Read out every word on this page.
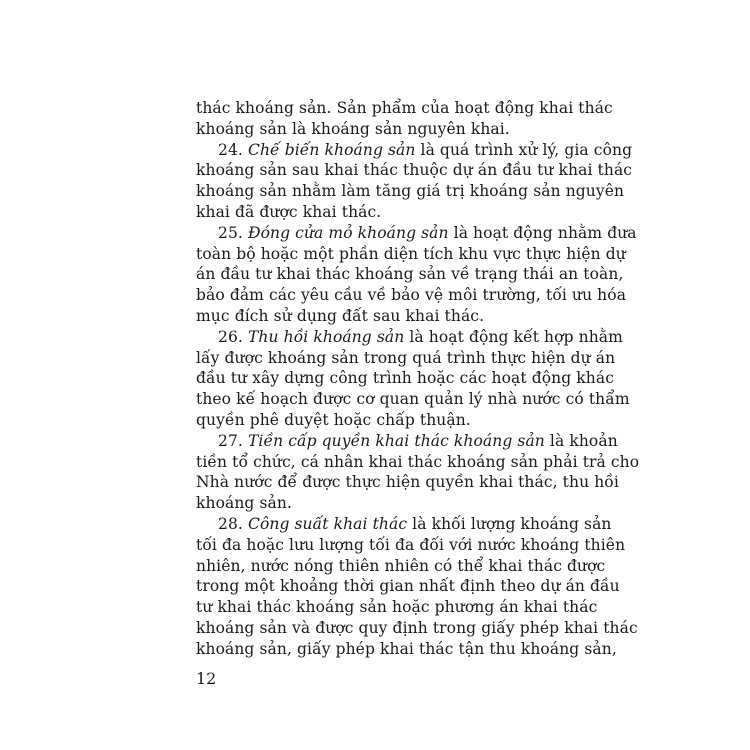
thác khoáng sản. Sản phẩm của hoạt động khai thác
khoáng sản là khoáng sản nguyên khai.
24. Chế biến khoáng sản là quá trình xử lý, gia công
khoáng sản sau khai thác thuộc dự án đầu tư khai thác
khoáng sản nhằm làm tăng giá trị khoáng sản nguyên
khai đã được khai thác.
25. Đóng cửa mỏ khoáng sản là hoạt động nhằm đưa
toàn bộ hoặc một phần diện tích khu vực thực hiện dự
án đầu tư khai thác khoáng sản về trạng thái an toàn,
bảo đảm các yêu cầu về bảo vệ môi trường, tối ưu hóa
mục đích sử dụng đất sau khai thác.
26. Thu hồi khoáng sản là hoạt động kết hợp nhằm
lấy được khoáng sản trong quá trình thực hiện dự án
đầu tư xây dựng công trình hoặc các hoạt động khác
theo kế hoạch được cơ quan quản lý nhà nước có thẩm
quyền phê duyệt hoặc chấp thuận.
27. Tiền cấp quyền khai thác khoáng sản là khoản
tiền tổ chức, cá nhân khai thác khoáng sản phải trả cho
Nhà nước để được thực hiện quyền khai thác, thu hồi
khoáng sản.
28. Công suất khai thác là khối lượng khoáng sản
tối đa hoặc lưu lượng tối đa đối với nước khoáng thiên
nhiên, nước nóng thiên nhiên có thể khai thác được
trong một khoảng thời gian nhất định theo dự án đầu
tư khai thác khoáng sản hoặc phương án khai thác
khoáng sản và được quy định trong giấy phép khai thác
khoáng sản, giấy phép khai thác tận thu khoáng sản,
12
